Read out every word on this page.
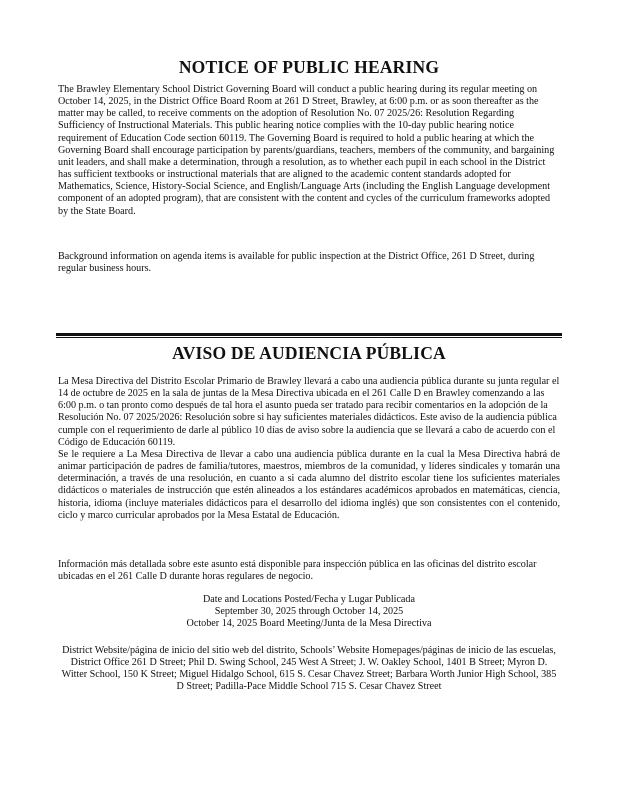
NOTICE OF PUBLIC HEARING

The Brawley Elementary School District Governing Board will conduct a public hearing during its regular meeting on October 14, 2025, in the District Office Board Room at 261 D Street, Brawley, at 6:00 p.m. or as soon thereafter as the matter may be called, to receive comments on the adoption of Resolution No. 07 2025/26: Resolution Regarding Sufficiency of Instructional Materials. This public hearing notice complies with the 10-day public hearing notice requirement of Education Code section 60119. The Governing Board is required to hold a public hearing at which the Governing Board shall encourage participation by parents/guardians, teachers, members of the community, and bargaining unit leaders, and shall make a determination, through a resolution, as to whether each pupil in each school in the District has sufficient textbooks or instructional materials that are aligned to the academic content standards adopted for Mathematics, Science, History-Social Science, and English/Language Arts (including the English Language development component of an adopted program), that are consistent with the content and cycles of the curriculum frameworks adopted by the State Board.

Background information on agenda items is available for public inspection at the District Office, 261 D Street, during regular business hours.

AVISO DE AUDIENCIA PÚBLICA

La Mesa Directiva del Distrito Escolar Primario de Brawley llevará a cabo una audiencia pública durante su junta regular el 14 de octubre de 2025 en la sala de juntas de la Mesa Directiva ubicada en el 261 Calle D en Brawley comenzando a las 6:00 p.m. o tan pronto como después de tal hora el asunto pueda ser tratado para recibir comentarios en la adopción de la Resolución No. 07 2025/2026: Resolución sobre si hay suficientes materiales didácticos. Este aviso de la audiencia pública cumple con el requerimiento de darle al público 10 días de aviso sobre la audiencia que se llevará a cabo de acuerdo con el Código de Educación 60119.

Se le requiere a La Mesa Directiva de llevar a cabo una audiencia pública durante en la cual la Mesa Directiva habrá de animar participación de padres de familia/tutores, maestros, miembros de la comunidad, y líderes sindicales y tomarán una determinación, a través de una resolución, en cuanto a si cada alumno del distrito escolar tiene los suficientes materiales didácticos o materiales de instrucción que estén alineados a los estándares académicos aprobados en matemáticas, ciencia, historia, idioma (incluye materiales didácticos para el desarrollo del idioma inglés) que son consistentes con el contenido, ciclo y marco curricular aprobados por la Mesa Estatal de Educación.

Información más detallada sobre este asunto está disponible para inspección pública en las oficinas del distrito escolar ubicadas en el 261 Calle D durante horas regulares de negocio.

Date and Locations Posted/Fecha y Lugar Publicada

September 30, 2025 through October 14, 2025

October 14, 2025 Board Meeting/Junta de la Mesa Directiva

District Website/página de inicio del sitio web del distrito, Schools’ Website Homepages/páginas de inicio de las escuelas, District Office 261 D Street; Phil D. Swing School, 245 West A Street; J. W. Oakley School, 1401 B Street; Myron D. Witter School, 150 K Street; Miguel Hidalgo School, 615 S. Cesar Chavez Street; Barbara Worth Junior High School, 385 D Street; Padilla-Pace Middle School 715 S. Cesar Chavez Street
